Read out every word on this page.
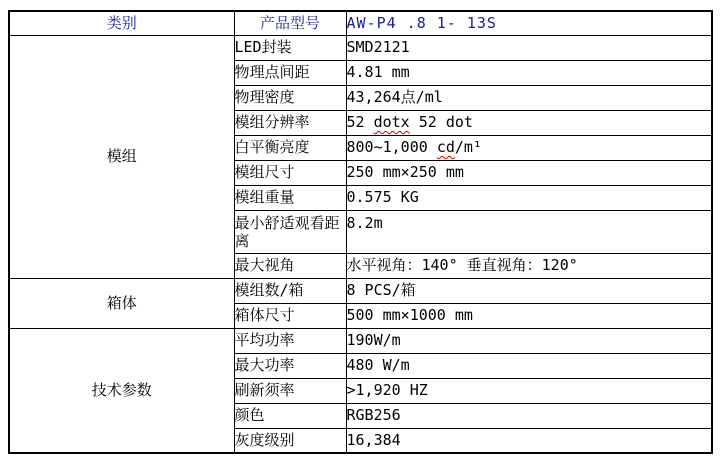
类别	产品型号	AW-P4 .8 1- 13S
模组	LED封装	SMD2121
	物理点间距	4.81 mm
	物理密度	43,264点/ml
	模组分辨率	52 dotx 52 dot
	白平衡亮度	800~1,000 cd/m¹
	模组尺寸	250 mm×250 mm
	模组重量	0.575 KG
	最小舒适观看距离	8.2m
	最大视角	水平视角：140° 垂直视角：120°
箱体	模组数/箱	8 PCS/箱
	箱体尺寸	500 mm×1000 mm
技术参数	平均功率	190W/m
	最大功率	480 W/m
	刷新须率	>1,920 HZ
	颜色	RGB256
	灰度级别	16,384
